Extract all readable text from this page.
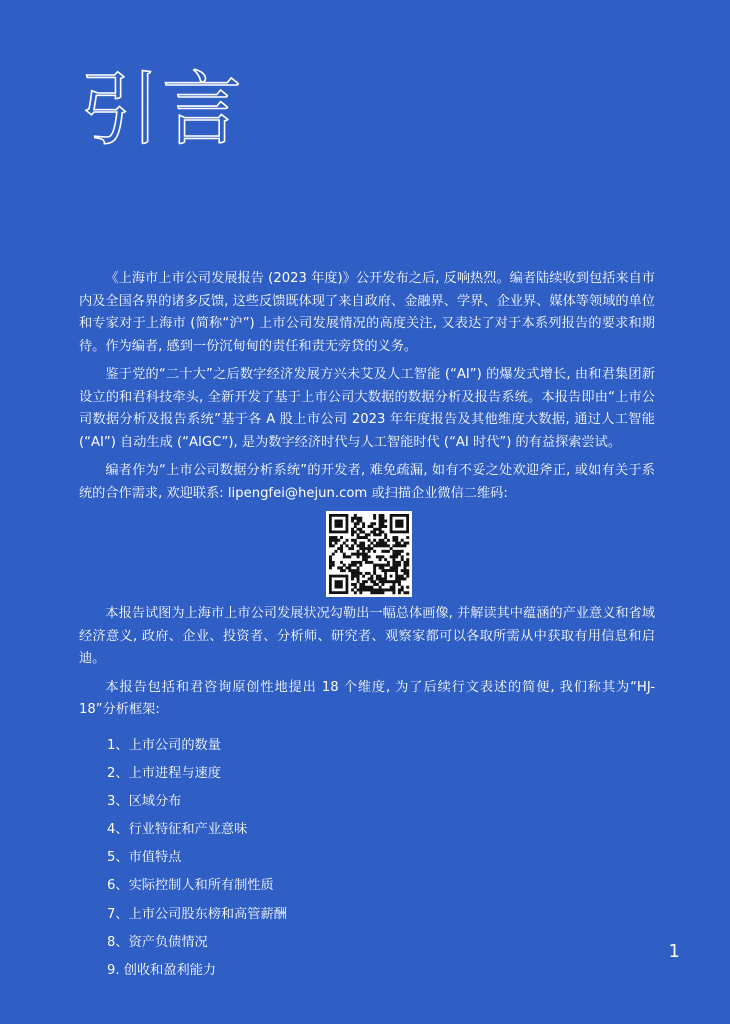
引言

《上海市上市公司发展报告 (2023 年度)》公开发布之后, 反响热烈。编者陆续收到包括来自市内及全国各界的诸多反馈, 这些反馈既体现了来自政府、金融界、学界、企业界、媒体等领域的单位和专家对于上海市 (简称“沪”) 上市公司发展情况的高度关注, 又表达了对于本系列报告的要求和期待。作为编者, 感到一份沉甸甸的责任和责无旁贷的义务。

鉴于党的“二十大”之后数字经济发展方兴未艾及人工智能 (“AI”) 的爆发式增长, 由和君集团新设立的和君科技牵头, 全新开发了基于上市公司大数据的数据分析及报告系统。本报告即由“上市公司数据分析及报告系统”基于各 A 股上市公司 2023 年年度报告及其他维度大数据, 通过人工智能 (“AI”) 自动生成 (“AIGC”), 是为数字经济时代与人工智能时代 (“AI 时代”) 的有益探索尝试。

编者作为“上市公司数据分析系统”的开发者, 难免疏漏, 如有不妥之处欢迎斧正, 或如有关于系统的合作需求, 欢迎联系: lipengfei@hejun.com 或扫描企业微信二维码:

本报告试图为上海市上市公司发展状况勾勒出一幅总体画像, 并解读其中蕴涵的产业意义和省域经济意义, 政府、企业、投资者、分析师、研究者、观察家都可以各取所需从中获取有用信息和启迪。

本报告包括和君咨询原创性地提出 18 个维度, 为了后续行文表述的简便, 我们称其为“HJ-18”分析框架:

1、上市公司的数量
2、上市进程与速度
3、区域分布
4、行业特征和产业意味
5、市值特点
6、实际控制人和所有制性质
7、上市公司股东榜和高管薪酬
8、资产负债情况
9. 创收和盈利能力
1
